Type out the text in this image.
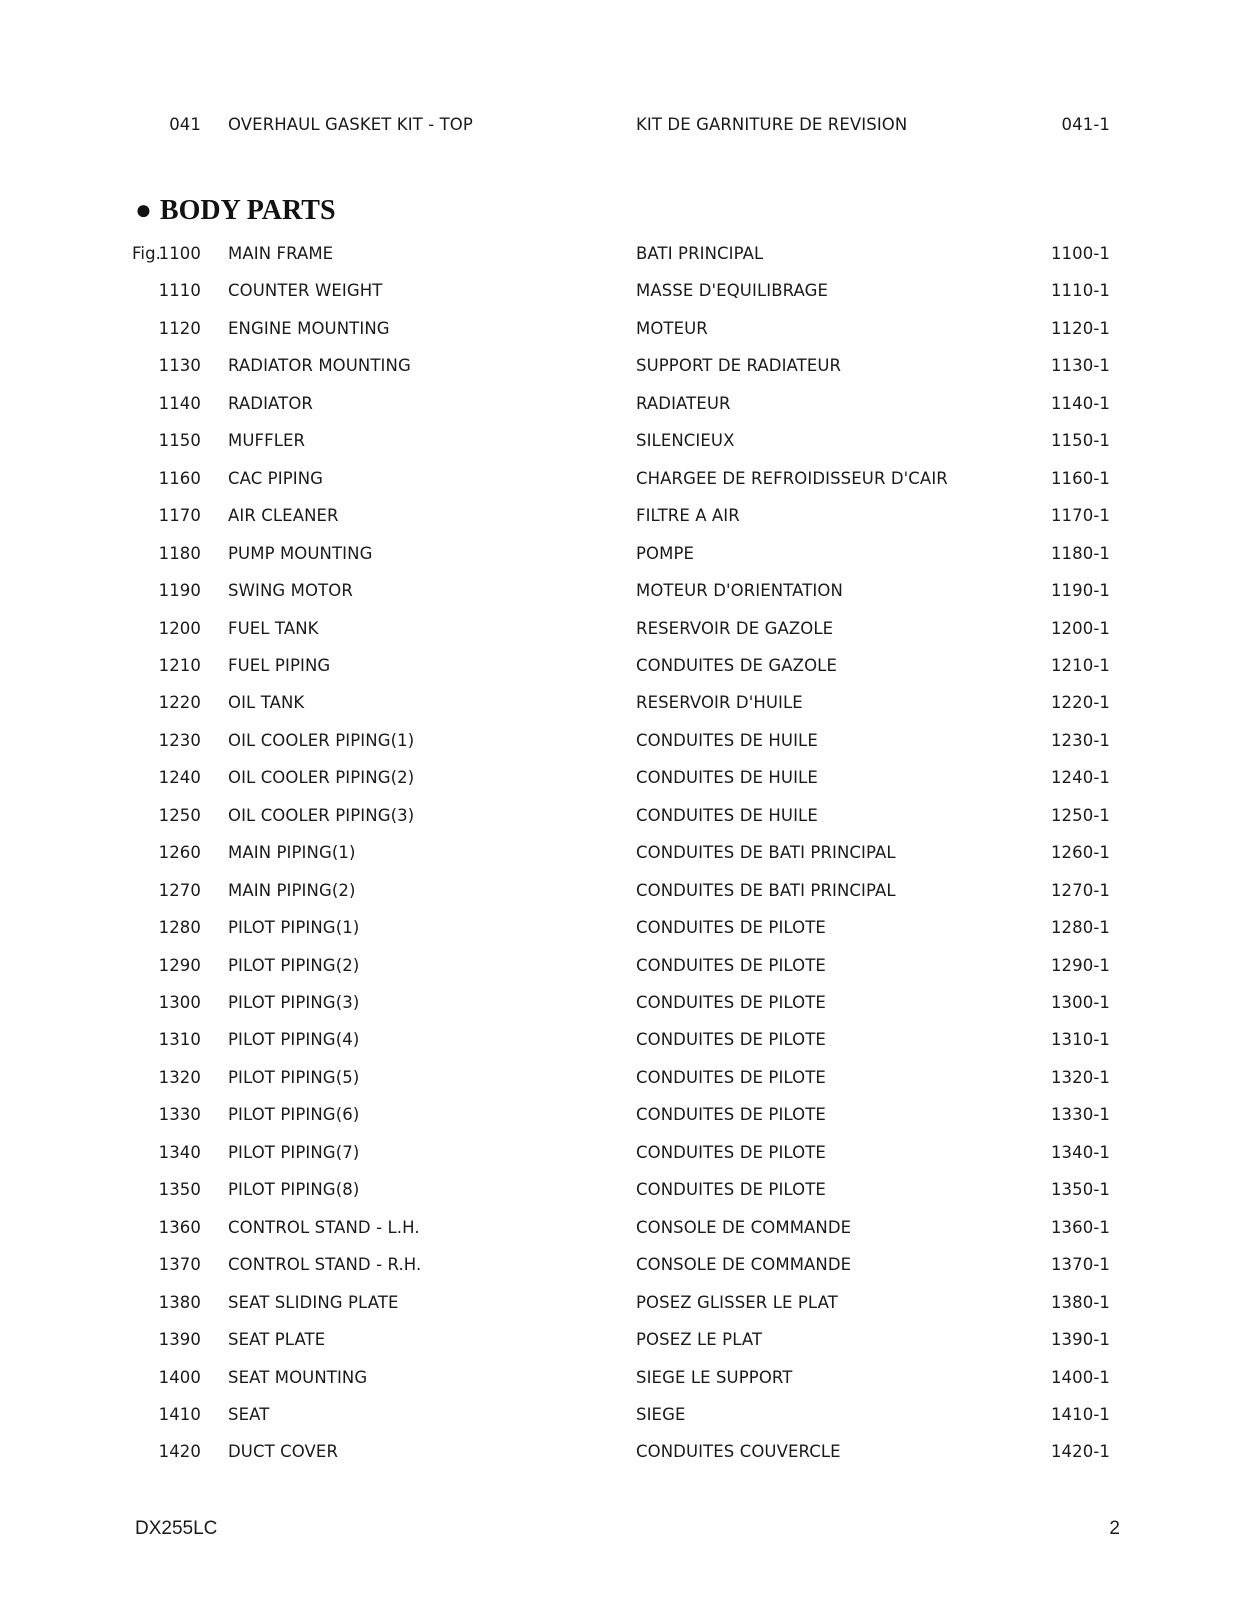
041 OVERHAUL GASKET KIT - TOP	KIT DE GARNITURE DE REVISION	041-1
● BODY PARTS
Fig.
1100 MAIN FRAME	BATI PRINCIPAL	1100-1
1110 COUNTER WEIGHT	MASSE D'EQUILIBRAGE	1110-1
1120 ENGINE MOUNTING	MOTEUR	1120-1
1130 RADIATOR MOUNTING	SUPPORT DE RADIATEUR	1130-1
1140 RADIATOR	RADIATEUR	1140-1
1150 MUFFLER	SILENCIEUX	1150-1
1160 CAC PIPING	CHARGEE DE REFROIDISSEUR D'CAIR	1160-1
1170 AIR CLEANER	FILTRE A AIR	1170-1
1180 PUMP MOUNTING	POMPE	1180-1
1190 SWING MOTOR	MOTEUR D'ORIENTATION	1190-1
1200 FUEL TANK	RESERVOIR DE GAZOLE	1200-1
1210 FUEL PIPING	CONDUITES DE GAZOLE	1210-1
1220 OIL TANK	RESERVOIR D'HUILE	1220-1
1230 OIL COOLER PIPING(1)	CONDUITES DE HUILE	1230-1
1240 OIL COOLER PIPING(2)	CONDUITES DE HUILE	1240-1
1250 OIL COOLER PIPING(3)	CONDUITES DE HUILE	1250-1
1260 MAIN PIPING(1)	CONDUITES DE BATI PRINCIPAL	1260-1
1270 MAIN PIPING(2)	CONDUITES DE BATI PRINCIPAL	1270-1
1280 PILOT PIPING(1)	CONDUITES DE PILOTE	1280-1
1290 PILOT PIPING(2)	CONDUITES DE PILOTE	1290-1
1300 PILOT PIPING(3)	CONDUITES DE PILOTE	1300-1
1310 PILOT PIPING(4)	CONDUITES DE PILOTE	1310-1
1320 PILOT PIPING(5)	CONDUITES DE PILOTE	1320-1
1330 PILOT PIPING(6)	CONDUITES DE PILOTE	1330-1
1340 PILOT PIPING(7)	CONDUITES DE PILOTE	1340-1
1350 PILOT PIPING(8)	CONDUITES DE PILOTE	1350-1
1360 CONTROL STAND - L.H.	CONSOLE DE COMMANDE	1360-1
1370 CONTROL STAND - R.H.	CONSOLE DE COMMANDE	1370-1
1380 SEAT SLIDING PLATE	POSEZ GLISSER LE PLAT	1380-1
1390 SEAT PLATE	POSEZ LE PLAT	1390-1
1400 SEAT MOUNTING	SIEGE LE SUPPORT	1400-1
1410 SEAT	SIEGE	1410-1
1420 DUCT COVER	CONDUITES COUVERCLE	1420-1
DX255LC	2
